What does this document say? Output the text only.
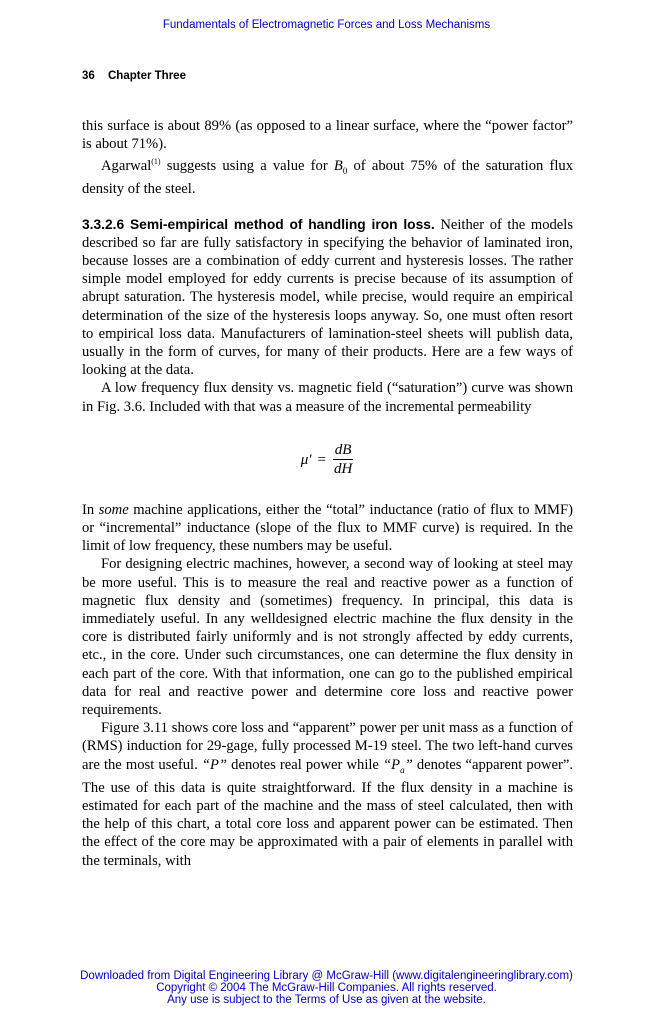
Fundamentals of Electromagnetic Forces and Loss Mechanisms
36 Chapter Three

this surface is about 89% (as opposed to a linear surface, where the “power factor” is about 71%).

Agarwal$^{(1)}$ suggests using a value for $B_0$ of about 75% of the saturation flux density of the steel.

3.3.2.6 Semi-empirical method of handling iron loss. Neither of the models described so far are fully satisfactory in specifying the behavior of laminated iron, because losses are a combination of eddy current and hysteresis losses. The rather simple model employed for eddy currents is precise because of its assumption of abrupt saturation. The hysteresis model, while precise, would require an empirical determination of the size of the hysteresis loops anyway. So, one must often resort to empirical loss data. Manufacturers of lamination-steel sheets will publish data, usually in the form of curves, for many of their products. Here are a few ways of looking at the data.

A low frequency flux density vs. magnetic field (“saturation”) curve was shown in Fig. 3.6. Included with that was a measure of the incremental permeability

$\mu' = \frac{dB}{dH}$

In some machine applications, either the “total” inductance (ratio of flux to MMF) or “incremental” inductance (slope of the flux to MMF curve) is required. In the limit of low frequency, these numbers may be useful.

For designing electric machines, however, a second way of looking at steel may be more useful. This is to measure the real and reactive power as a function of magnetic flux density and (sometimes) frequency. In principal, this data is immediately useful. In any welldesigned electric machine the flux density in the core is distributed fairly uniformly and is not strongly affected by eddy currents, etc., in the core. Under such circumstances, one can determine the flux density in each part of the core. With that information, one can go to the published empirical data for real and reactive power and determine core loss and reactive power requirements.

Figure 3.11 shows core loss and “apparent” power per unit mass as a function of (RMS) induction for 29-gage, fully processed M-19 steel. The two left-hand curves are the most useful. “P” denotes real power while “$P_a$” denotes “apparent power”. The use of this data is quite straightforward. If the flux density in a machine is estimated for each part of the machine and the mass of steel calculated, then with the help of this chart, a total core loss and apparent power can be estimated. Then the effect of the core may be approximated with a pair of elements in parallel with the terminals, with

Downloaded from Digital Engineering Library @ McGraw-Hill (www.digitalengineeringlibrary.com)
Copyright © 2004 The McGraw-Hill Companies. All rights reserved.
Any use is subject to the Terms of Use as given at the website.
